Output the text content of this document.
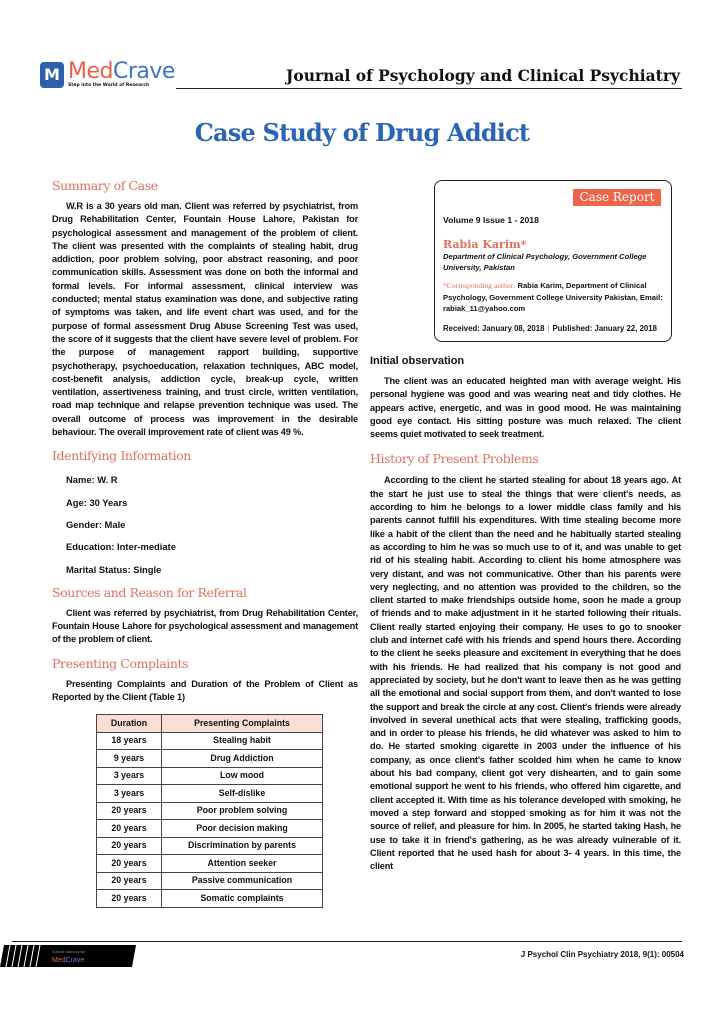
M MedCrave
Step into the World of Research
Journal of Psychology and Clinical Psychiatry
Case Study of Drug Addict
Summary of Case

W.R is a 30 years old man. Client was referred by psychiatrist, from Drug Rehabilitation Center, Fountain House Lahore, Pakistan for psychological assessment and management of the problem of client. The client was presented with the complaints of stealing habit, drug addiction, poor problem solving, poor abstract reasoning, and poor communication skills. Assessment was done on both the informal and formal levels. For informal assessment, clinical interview was conducted; mental status examination was done, and subjective rating of symptoms was taken, and life event chart was used, and for the purpose of formal assessment Drug Abuse Screening Test was used, the score of it suggests that the client have severe level of problem. For the purpose of management rapport building, supportive psychotherapy, psychoeducation, relaxation techniques, ABC model, cost-benefit analysis, addiction cycle, break-up cycle, written ventilation, assertiveness training, and trust circle, written ventilation, road map technique and relapse prevention technique was used. The overall outcome of process was improvement in the desirable behaviour. The overall improvement rate of client was 49 %.

Identifying Information
Name: W. R
Age: 30 Years
Gender: Male
Education: Inter-mediate
Marital Status: Single
Sources and Reason for Referral

Client was referred by psychiatrist, from Drug Rehabilitation Center, Fountain House Lahore for psychological assessment and management of the problem of client.

Presenting Complaints

Presenting Complaints and Duration of the Problem of Client as Reported by the Client (Table 1)

Duration	Presenting Complaints
18 years	Stealing habit
9 years	Drug Addiction
3 years	Low mood
3 years	Self-dislike
20 years	Poor problem solving
20 years	Poor decision making
20 years	Discrimination by parents
20 years	Attention seeker
20 years	Passive communication
20 years	Somatic complaints
Case Report
Volume 9 Issue 1 - 2018
Rabia Karim*
Department of Clinical Psychology, Government College University, Pakistan
*Corresponding author: Rabia Karim, Department of Clinical Psychology, Government College University Pakistan, Email: rabiak_11@yahoo.com
Received: January 08, 2018 | Published: January 22, 2018
Initial observation

The client was an educated heighted man with average weight. His personal hygiene was good and was wearing neat and tidy clothes. He appears active, energetic, and was in good mood. He was maintaining good eye contact. His sitting posture was much relaxed. The client seems quiet motivated to seek treatment.

History of Present Problems

According to the client he started stealing for about 18 years ago. At the start he just use to steal the things that were client's needs, as according to him he belongs to a lower middle class family and his parents cannot fulfill his expenditures. With time stealing become more like a habit of the client than the need and he habitually started stealing as according to him he was so much use to of it, and was unable to get rid of his stealing habit. According to client his home atmosphere was very distant, and was not communicative. Other than his parents were very neglecting, and no attention was provided to the children, so the client started to make friendships outside home, soon he made a group of friends and to make adjustment in it he started following their rituals. Client really started enjoying their company. He uses to go to snooker club and internet café with his friends and spend hours there. According to the client he seeks pleasure and excitement in everything that he does with his friends. He had realized that his company is not good and appreciated by society, but he don't want to leave then as he was getting all the emotional and social support from them, and don't wanted to lose the support and break the circle at any cost. Client's friends were already involved in several unethical acts that were stealing, trafficking goods, and in order to please his friends, he did whatever was asked to him to do. He started smoking cigarette in 2003 under the influence of his company, as once client's father scolded him when he came to know about his bad company, client got very dishearten, and to gain some emotional support he went to his friends, who offered him cigarette, and client accepted it. With time as his tolerance developed with smoking, he moved a step forward and stopped smoking as for him it was not the source of relief, and pleasure for him. In 2005, he started taking Hash, he use to take it in friend's gathering, as he was already vulnerable of it. Client reported that he used hash for about 3- 4 years. In this time, the client

Submit Manuscript
MedCrave
J Psychol Clin Psychiatry 2018, 9(1): 00504
